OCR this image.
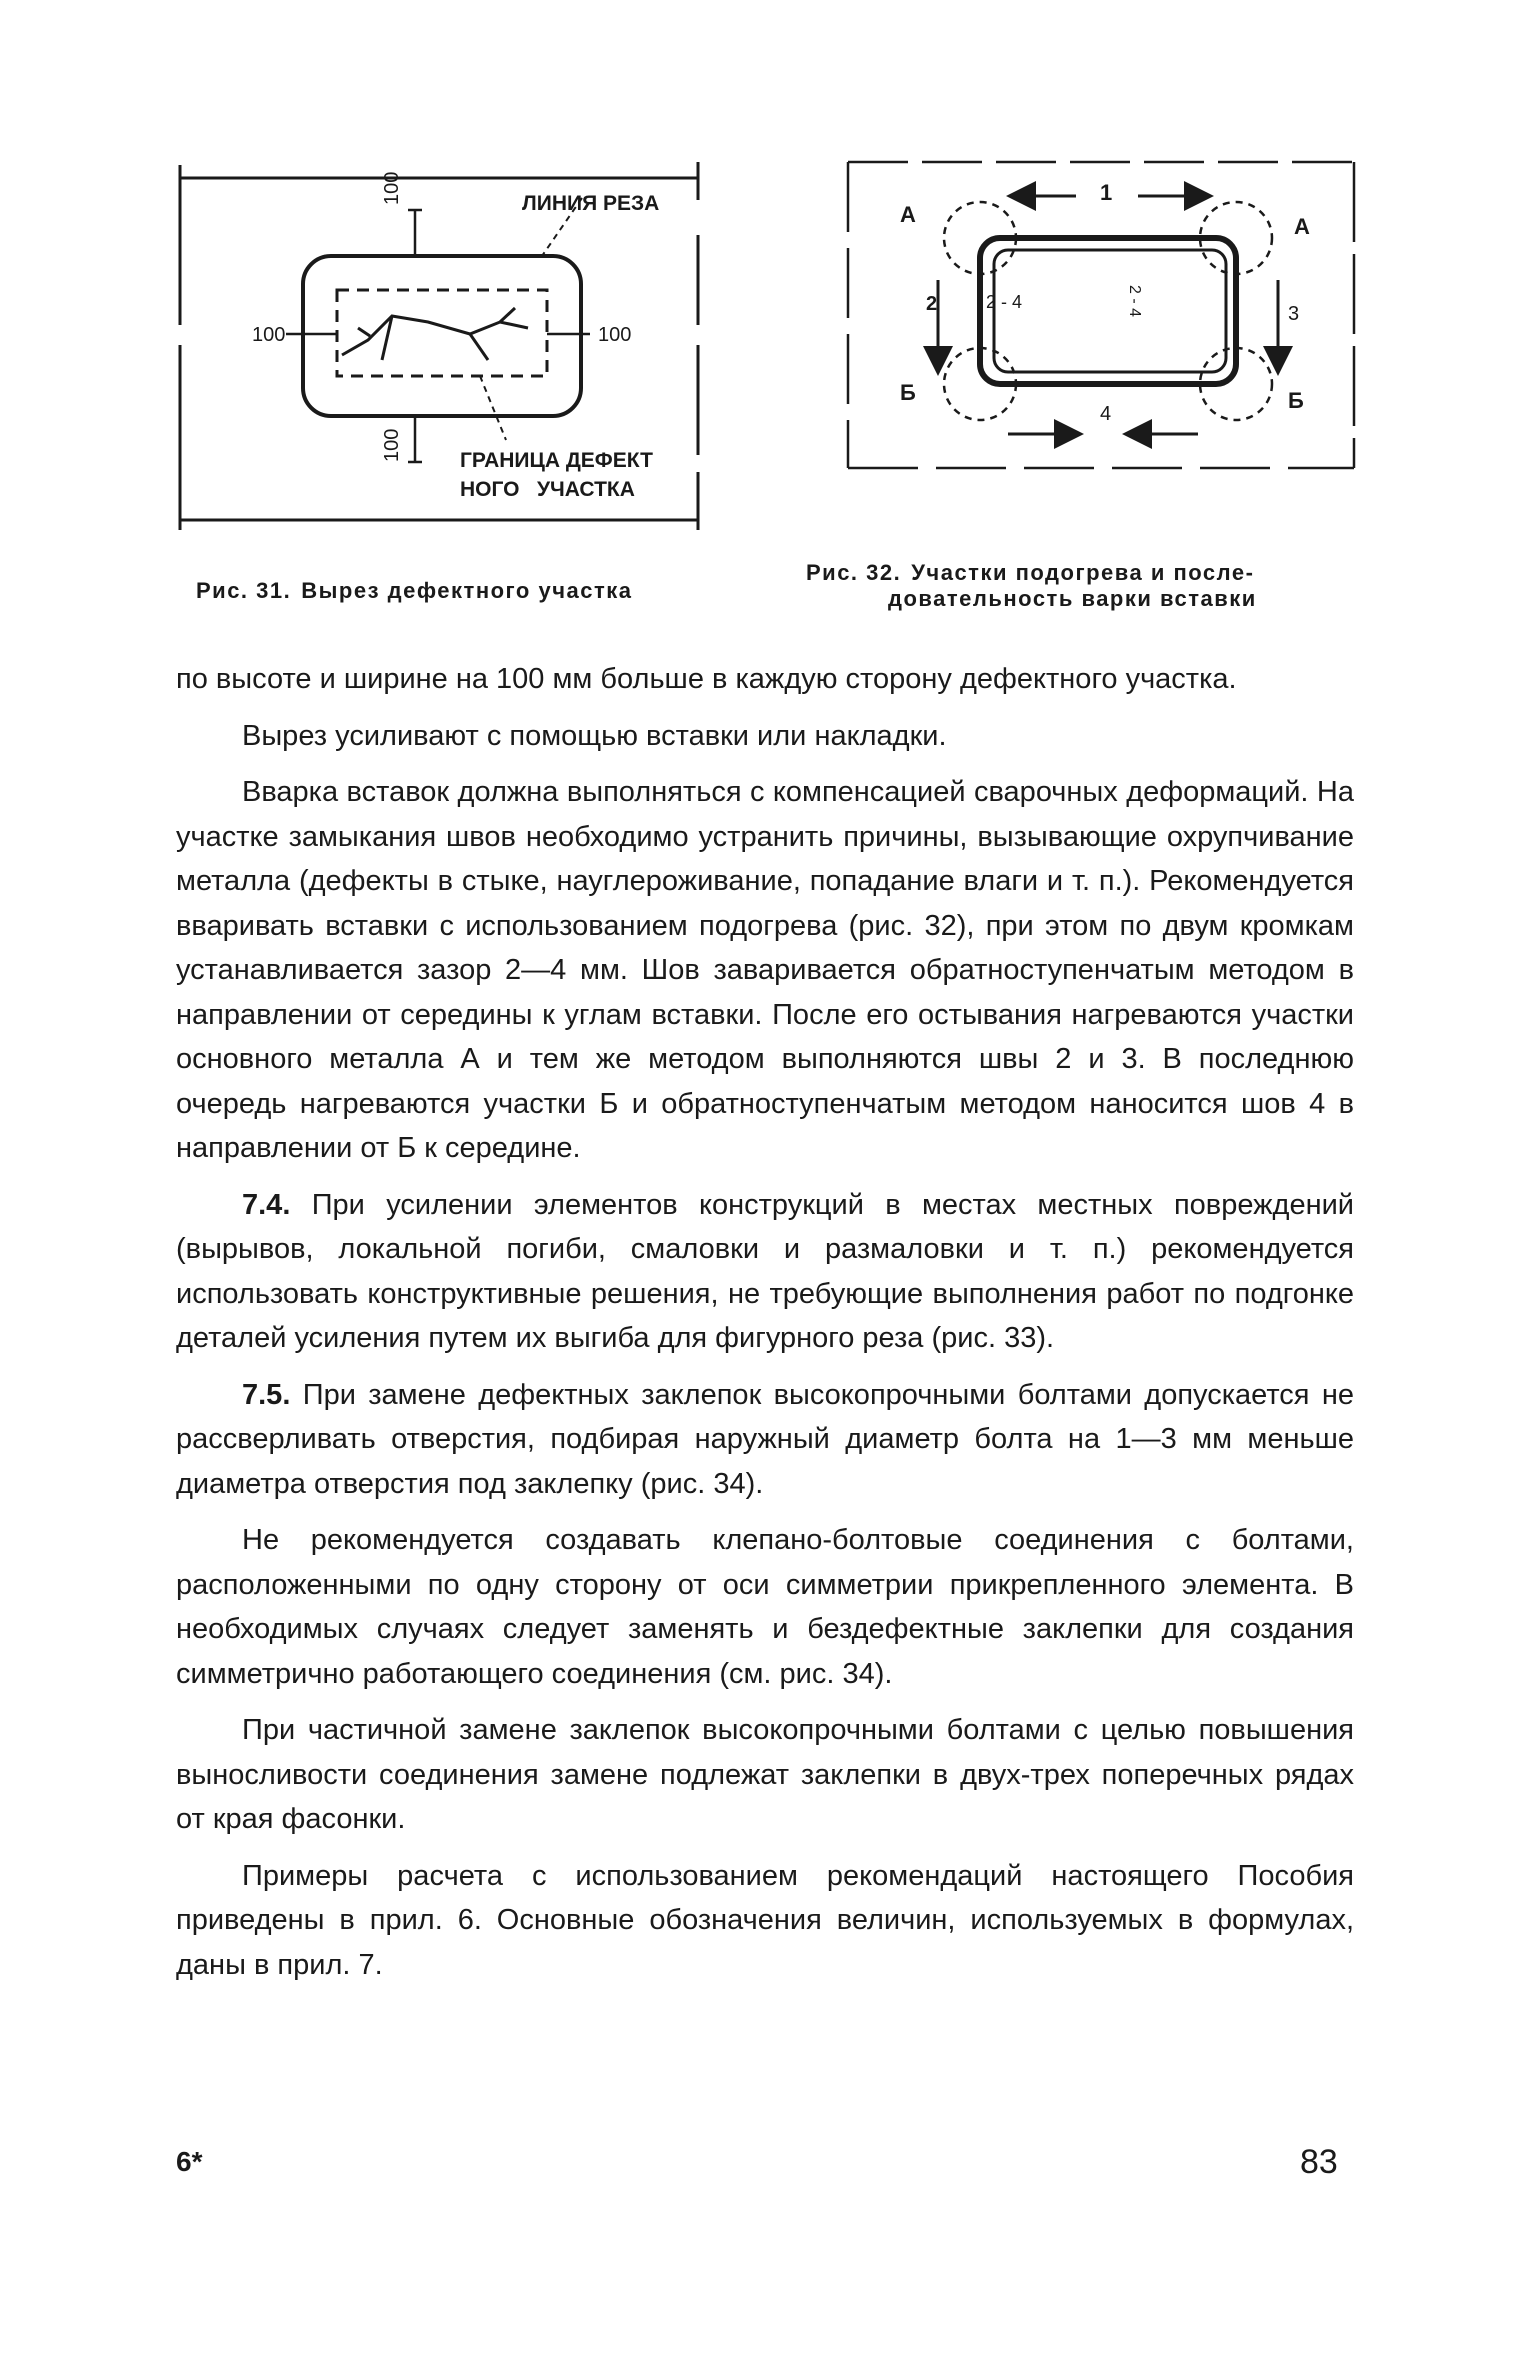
ЛИНИЯ РЕЗА
100
100
100	100
ГРАНИЦА ДЕФЕКТ
НОГО   УЧАСТКА
Рис. 31. Вырез дефектного участка
А	А
Б	Б
1
2	3
4
2 - 4	2 - 4
Рис. 32. Участки подогрева и после-
довательность варки вставки

по высоте и ширине на 100 мм больше в каждую сторону дефектного участка.

Вырез усиливают с помощью вставки или накладки.

Вварка вставок должна выполняться с компенсацией сварочных деформаций. На участке замыкания швов необходимо устранить причины, вызывающие охрупчивание металла (дефекты в стыке, науглероживание, попадание влаги и т. п.). Рекомендуется вваривать вставки с использованием подогрева (рис. 32), при этом по двум кромкам устанавливается зазор 2—4 мм. Шов заваривается обратноступенчатым методом в направлении от середины к углам вставки. После его остывания нагреваются участки основного металла А и тем же методом выполняются швы 2 и 3. В последнюю очередь нагреваются участки Б и обратноступенчатым методом наносится шов 4 в направлении от Б к середине.

7.4. При усилении элементов конструкций в местах местных повреждений (вырывов, локальной погиби, смаловки и размаловки и т. п.) рекомендуется использовать конструктивные решения, не требующие выполнения работ по подгонке деталей усиления путем их выгиба для фигурного реза (рис. 33).

7.5. При замене дефектных заклепок высокопрочными болтами допускается не рассверливать отверстия, подбирая наружный диаметр болта на 1—3 мм меньше диаметра отверстия под заклепку (рис. 34).

Не рекомендуется создавать клепано-болтовые соединения с болтами, расположенными по одну сторону от оси симметрии прикрепленного элемента. В необходимых случаях следует заменять и бездефектные заклепки для создания симметрично работающего соединения (см. рис. 34).

При частичной замене заклепок высокопрочными болтами с целью повышения выносливости соединения замене подлежат заклепки в двух-трех поперечных рядах от края фасонки.

Примеры расчета с использованием рекомендаций настоящего Пособия приведены в прил. 6. Основные обозначения величин, используемых в формулах, даны в прил. 7.

6*	83
